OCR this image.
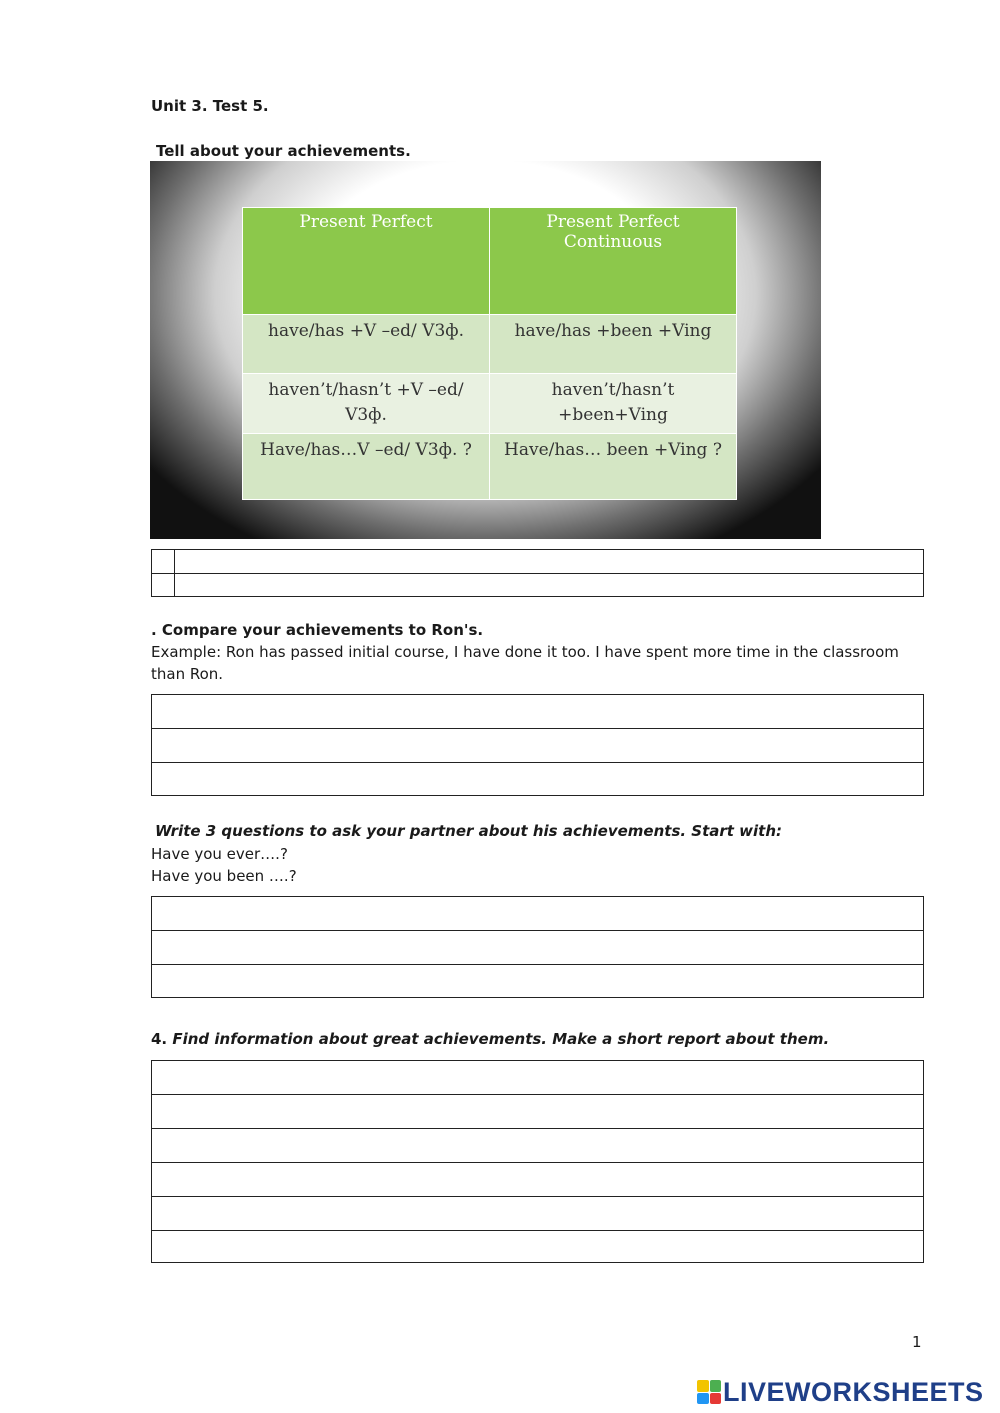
Unit 3. Test 5.
Tell about your achievements.
Present Perfect	Present Perfect Continuous
have/has +V –ed/ V3ф.	have/has +been +Ving
haven’t/hasn’t +V –ed/ V3ф.	haven’t/hasn’t +been+Ving
Have/has…V –ed/ V3ф. ?	Have/has… been +Ving ?
. Compare your achievements to Ron's.
Example: Ron has passed initial course, I have done it too. I have spent more time in the classroom than Ron.
Write 3 questions to ask your partner about his achievements. Start with:
Have you ever….?
Have you been ….?
4. Find information about great achievements. Make a short report about them.
1
LIVEWORKSHEETS
